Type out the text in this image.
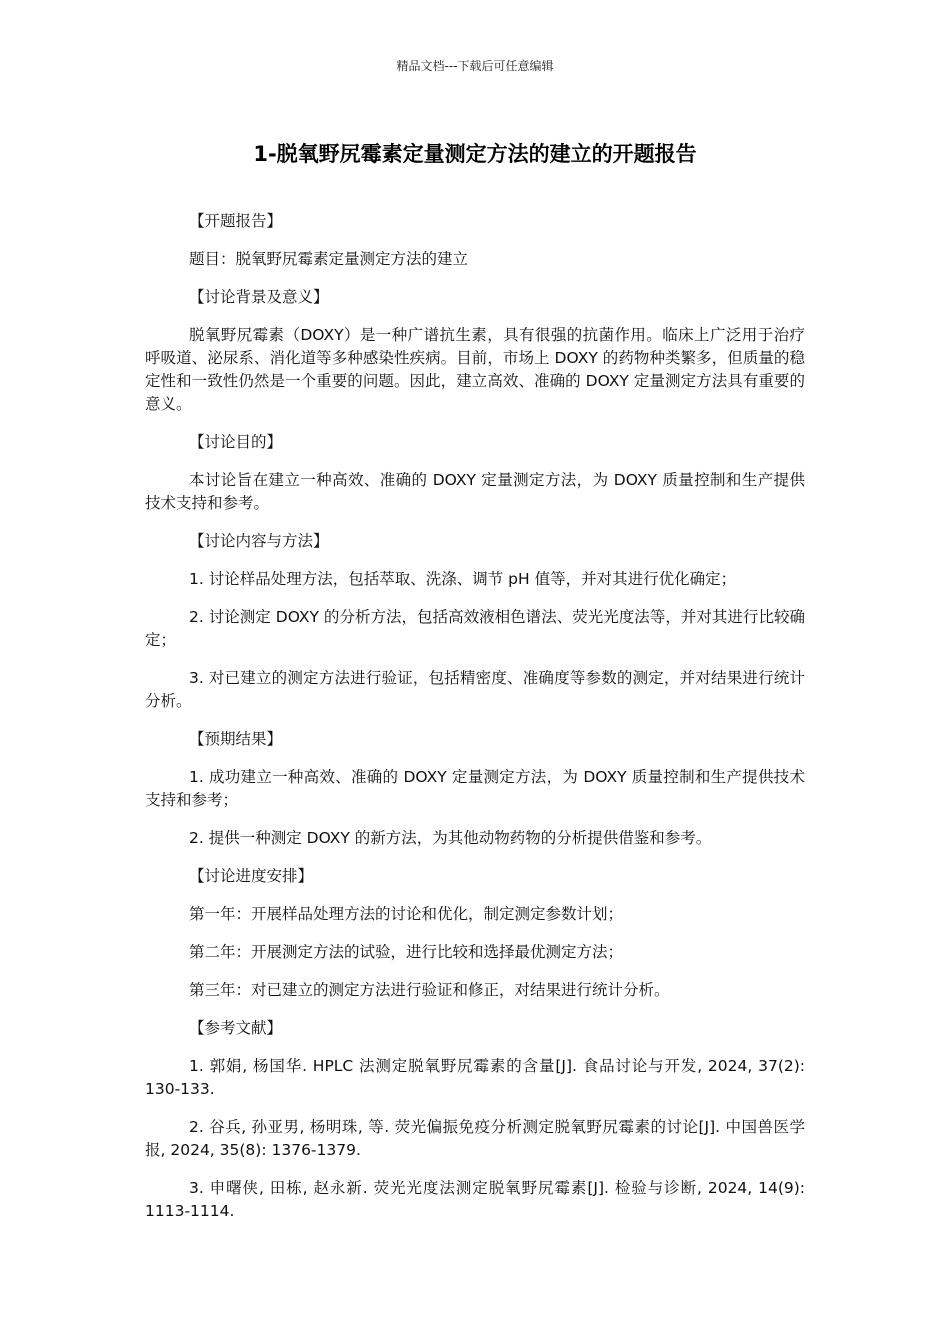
精品文档---下载后可任意编辑
1-脱氧野尻霉素定量测定方法的建立的开题报告

【开题报告】

题目：脱氧野尻霉素定量测定方法的建立

【讨论背景及意义】

脱氧野尻霉素（DOXY）是一种广谱抗生素，具有很强的抗菌作用。临床上广泛用于治疗呼吸道、泌尿系、消化道等多种感染性疾病。目前，市场上 DOXY 的药物种类繁多，但质量的稳定性和一致性仍然是一个重要的问题。因此，建立高效、准确的 DOXY 定量测定方法具有重要的意义。

【讨论目的】

本讨论旨在建立一种高效、准确的 DOXY 定量测定方法，为 DOXY 质量控制和生产提供技术支持和参考。

【讨论内容与方法】

1. 讨论样品处理方法，包括萃取、洗涤、调节 pH 值等，并对其进行优化确定；

2. 讨论测定 DOXY 的分析方法，包括高效液相色谱法、荧光光度法等，并对其进行比较确定；

3. 对已建立的测定方法进行验证，包括精密度、准确度等参数的测定，并对结果进行统计分析。

【预期结果】

1. 成功建立一种高效、准确的 DOXY 定量测定方法，为 DOXY 质量控制和生产提供技术支持和参考；

2. 提供一种测定 DOXY 的新方法，为其他动物药物的分析提供借鉴和参考。

【讨论进度安排】

第一年：开展样品处理方法的讨论和优化，制定测定参数计划；

第二年：开展测定方法的试验，进行比较和选择最优测定方法；

第三年：对已建立的测定方法进行验证和修正，对结果进行统计分析。

【参考文献】

1. 郭娟, 杨国华. HPLC 法测定脱氧野尻霉素的含量[J]. 食品讨论与开发, 2024, 37(2): 130-133.

2. 谷兵, 孙亚男, 杨明珠, 等. 荧光偏振免疫分析测定脱氧野尻霉素的讨论[J]. 中国兽医学报, 2024, 35(8): 1376-1379.

3. 申曙侠, 田栋, 赵永新. 荧光光度法测定脱氧野尻霉素[J]. 检验与诊断, 2024, 14(9): 1113-1114.
